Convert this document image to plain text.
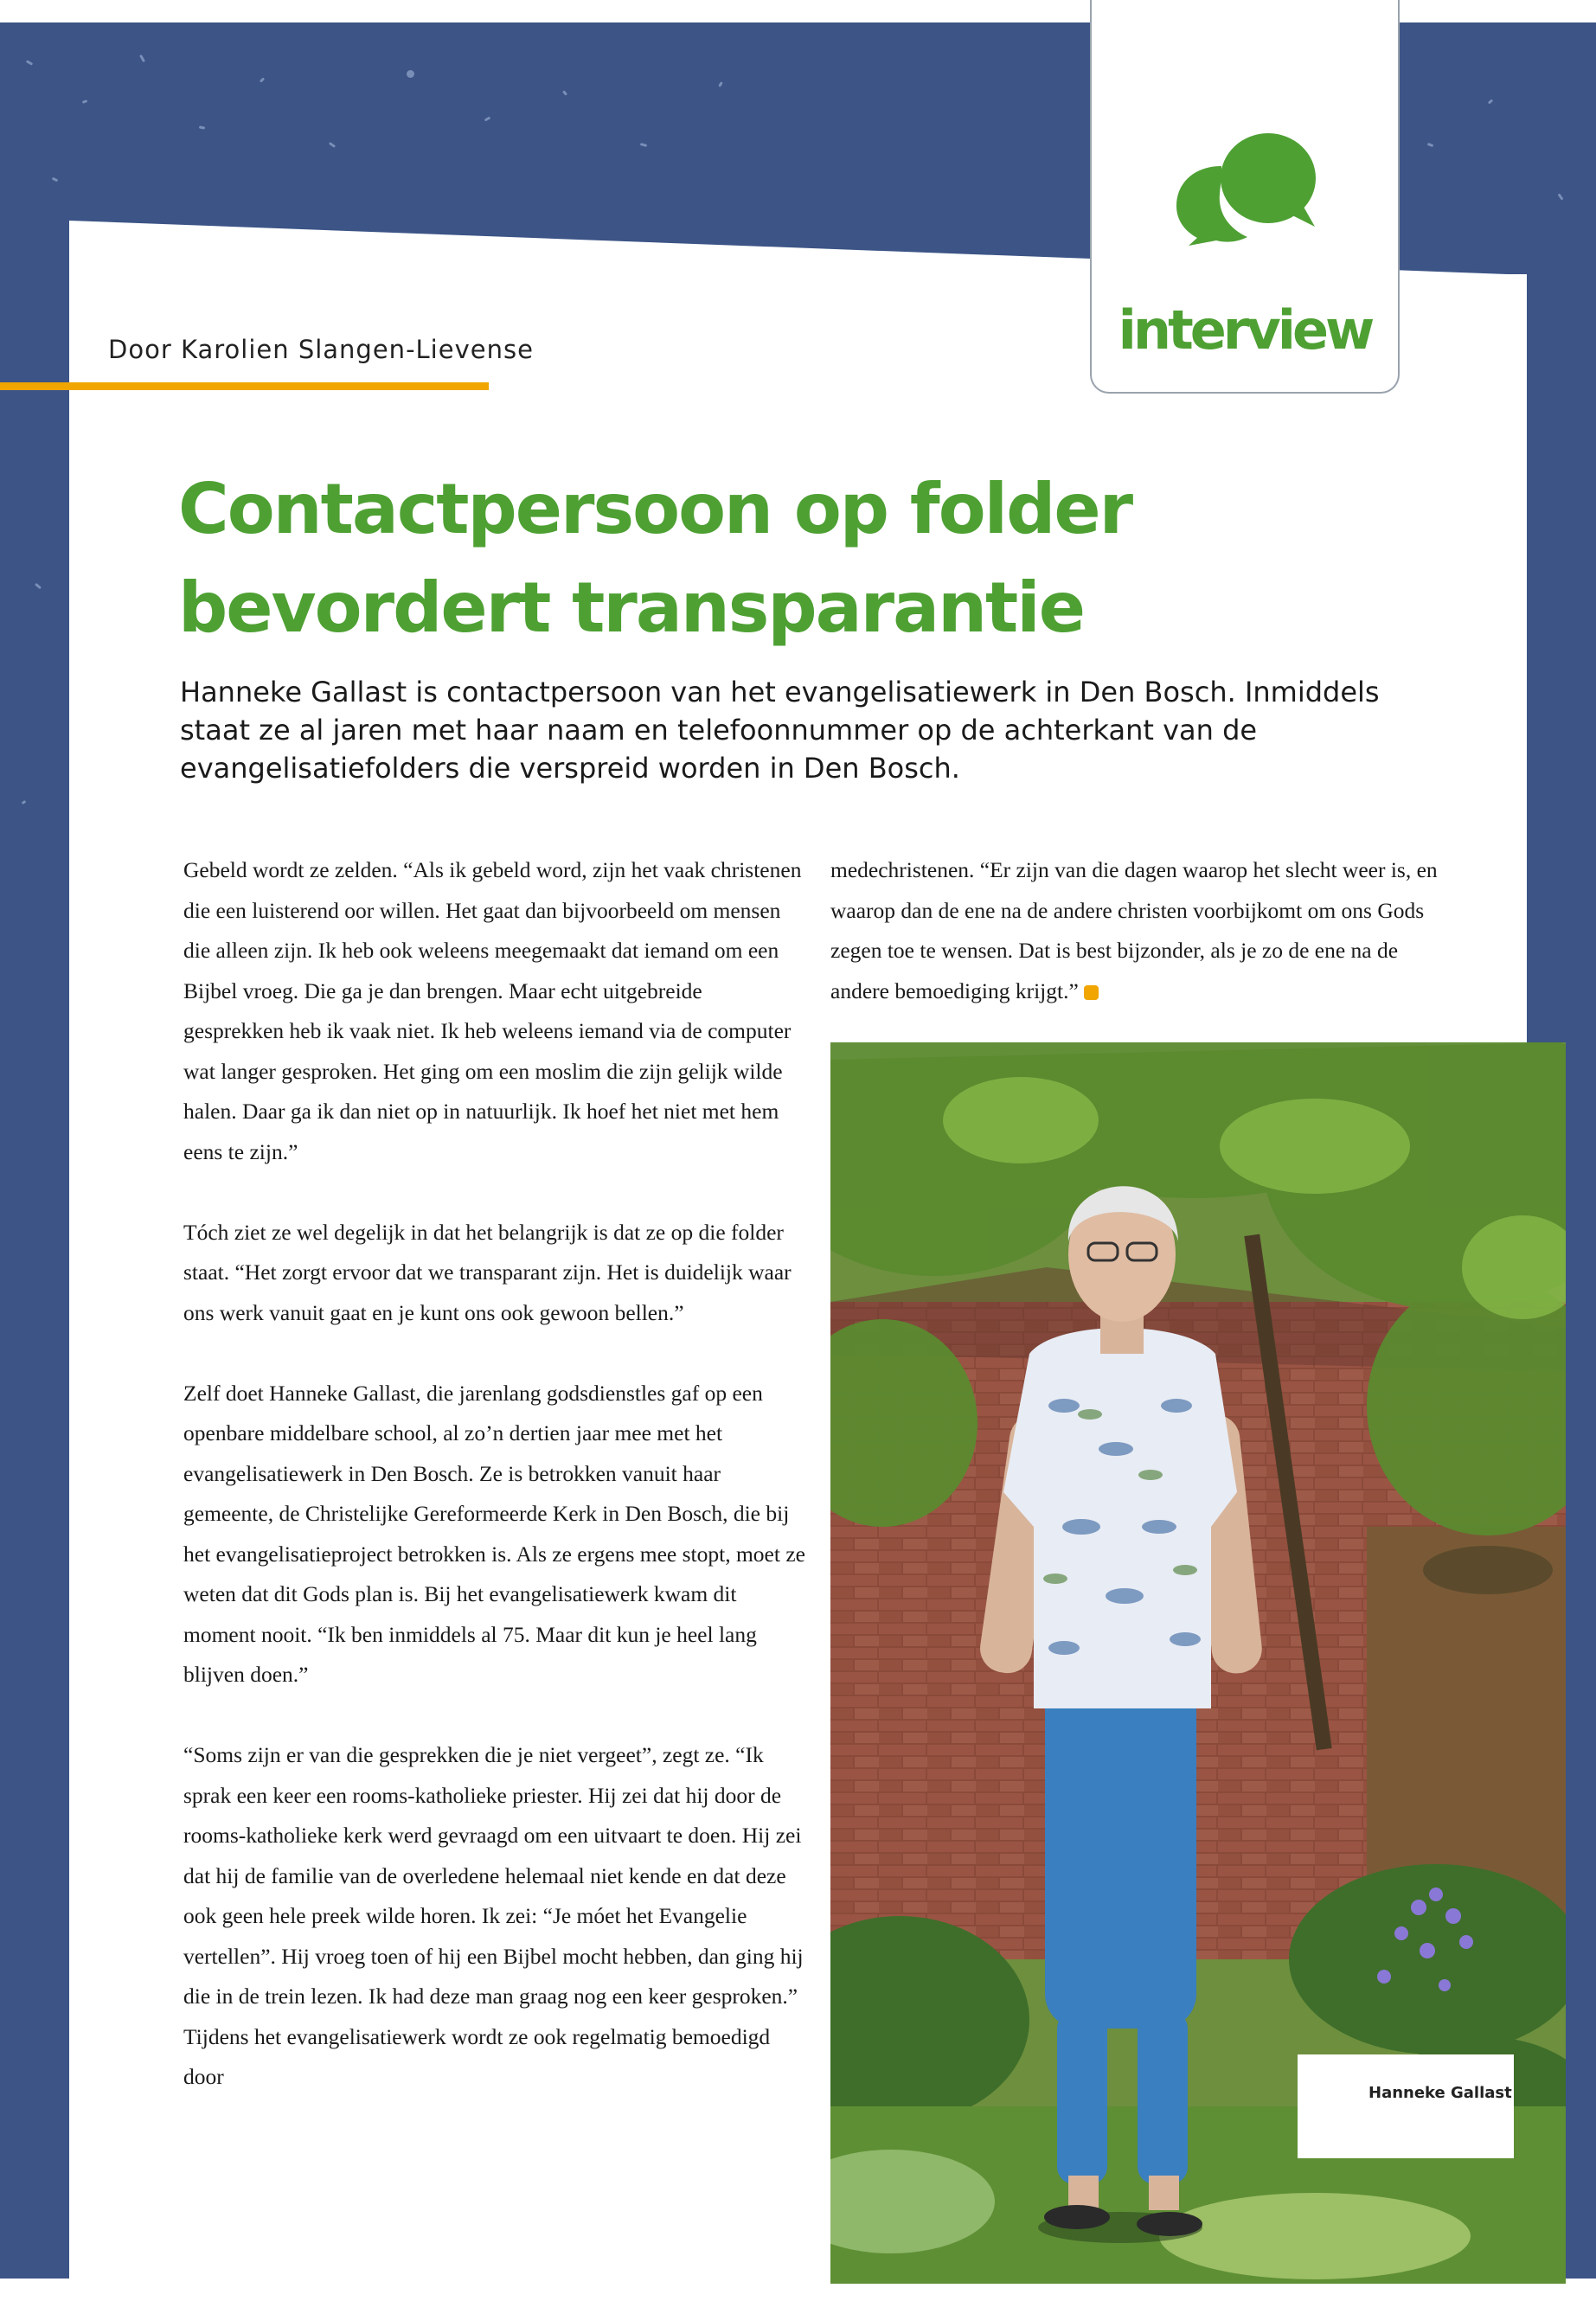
interview
Door Karolien Slangen-Lievense
Contactpersoon op folder
bevordert transparantie

Hanneke Gallast is contactpersoon van het evangelisatiewerk in Den Bosch. Inmiddels staat ze al jaren met haar naam en telefoonnummer op de achterkant van de evangelisatiefolders die verspreid worden in Den Bosch.

Gebeld wordt ze zelden. “Als ik gebeld word, zijn het vaak christenen die een luisterend oor willen. Het gaat dan bijvoorbeeld om mensen die alleen zijn. Ik heb ook weleens meegemaakt dat iemand om een Bijbel vroeg. Die ga je dan brengen. Maar echt uitgebreide gesprekken heb ik vaak niet. Ik heb weleens iemand via de computer wat langer gesproken. Het ging om een moslim die zijn gelijk wilde halen. Daar ga ik dan niet op in natuurlijk. Ik hoef het niet met hem eens te zijn.”

Tóch ziet ze wel degelijk in dat het belangrijk is dat ze op die folder staat. “Het zorgt ervoor dat we transparant zijn. Het is duidelijk waar ons werk vanuit gaat en je kunt ons ook gewoon bellen.”

Zelf doet Hanneke Gallast, die jarenlang godsdienstles gaf op een openbare middelbare school, al zo’n dertien jaar mee met het evangelisatiewerk in Den Bosch. Ze is betrokken vanuit haar gemeente, de Christelijke Gereformeerde Kerk in Den Bosch, die bij het evangelisatieproject betrokken is. Als ze ergens mee stopt, moet ze weten dat dit Gods plan is. Bij het evangelisatiewerk kwam dit moment nooit. “Ik ben inmiddels al 75. Maar dit kun je heel lang blijven doen.”

“Soms zijn er van die gesprekken die je niet vergeet”, zegt ze. “Ik sprak een keer een rooms-katholieke priester. Hij zei dat hij door de rooms-katholieke kerk werd gevraagd om een uitvaart te doen. Hij zei dat hij de familie van de overledene helemaal niet kende en dat deze ook geen hele preek wilde horen. Ik zei: “Je móet het Evangelie vertellen”. Hij vroeg toen of hij een Bijbel mocht hebben, dan ging hij die in de trein lezen. Ik had deze man graag nog een keer gesproken.” Tijdens het evangelisatiewerk wordt ze ook regelmatig bemoedigd door

medechristenen. “Er zijn van die dagen waarop het slecht weer is, en waarop dan de ene na de andere christen voorbijkomt om ons Gods zegen toe te wensen. Dat is best bijzonder, als je zo de ene na de andere bemoediging krijgt.”

Hanneke Gallast
